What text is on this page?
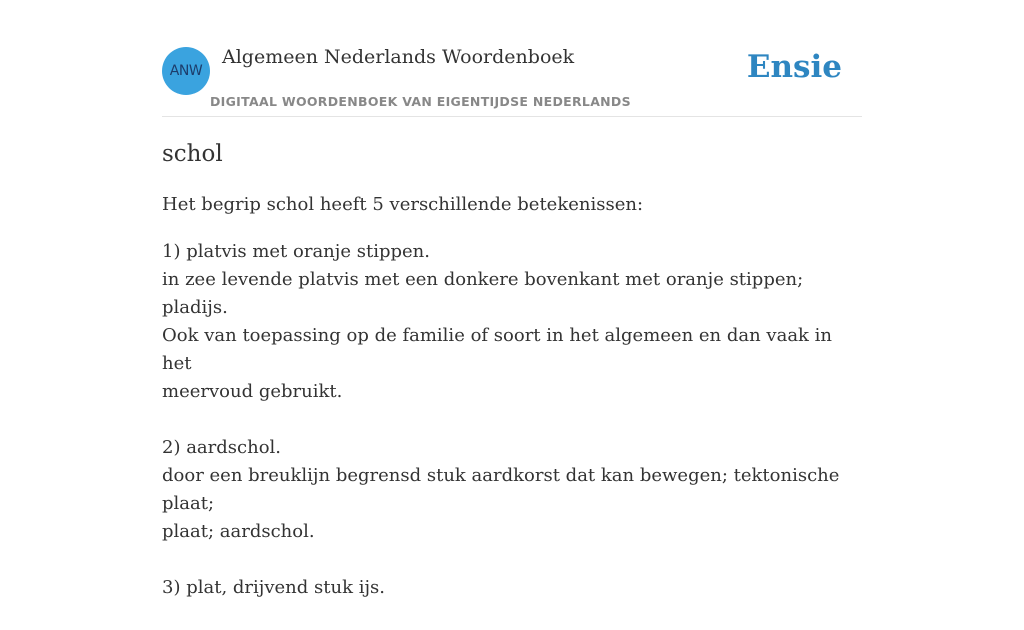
ANW
Algemeen Nederlands Woordenboek
DIGITAAL WOORDENBOEK VAN EIGENTIJDSE NEDERLANDS
Ensie
schol

Het begrip schol heeft 5 verschillende betekenissen:

1) platvis met oranje stippen.
in zee levende platvis met een donkere bovenkant met oranje stippen; pladijs.
Ook van toepassing op de familie of soort in het algemeen en dan vaak in het
meervoud gebruikt.
2) aardschol.
door een breuklijn begrensd stuk aardkorst dat kan bewegen; tektonische plaat;
plaat; aardschol.
3) plat, drijvend stuk ijs.
